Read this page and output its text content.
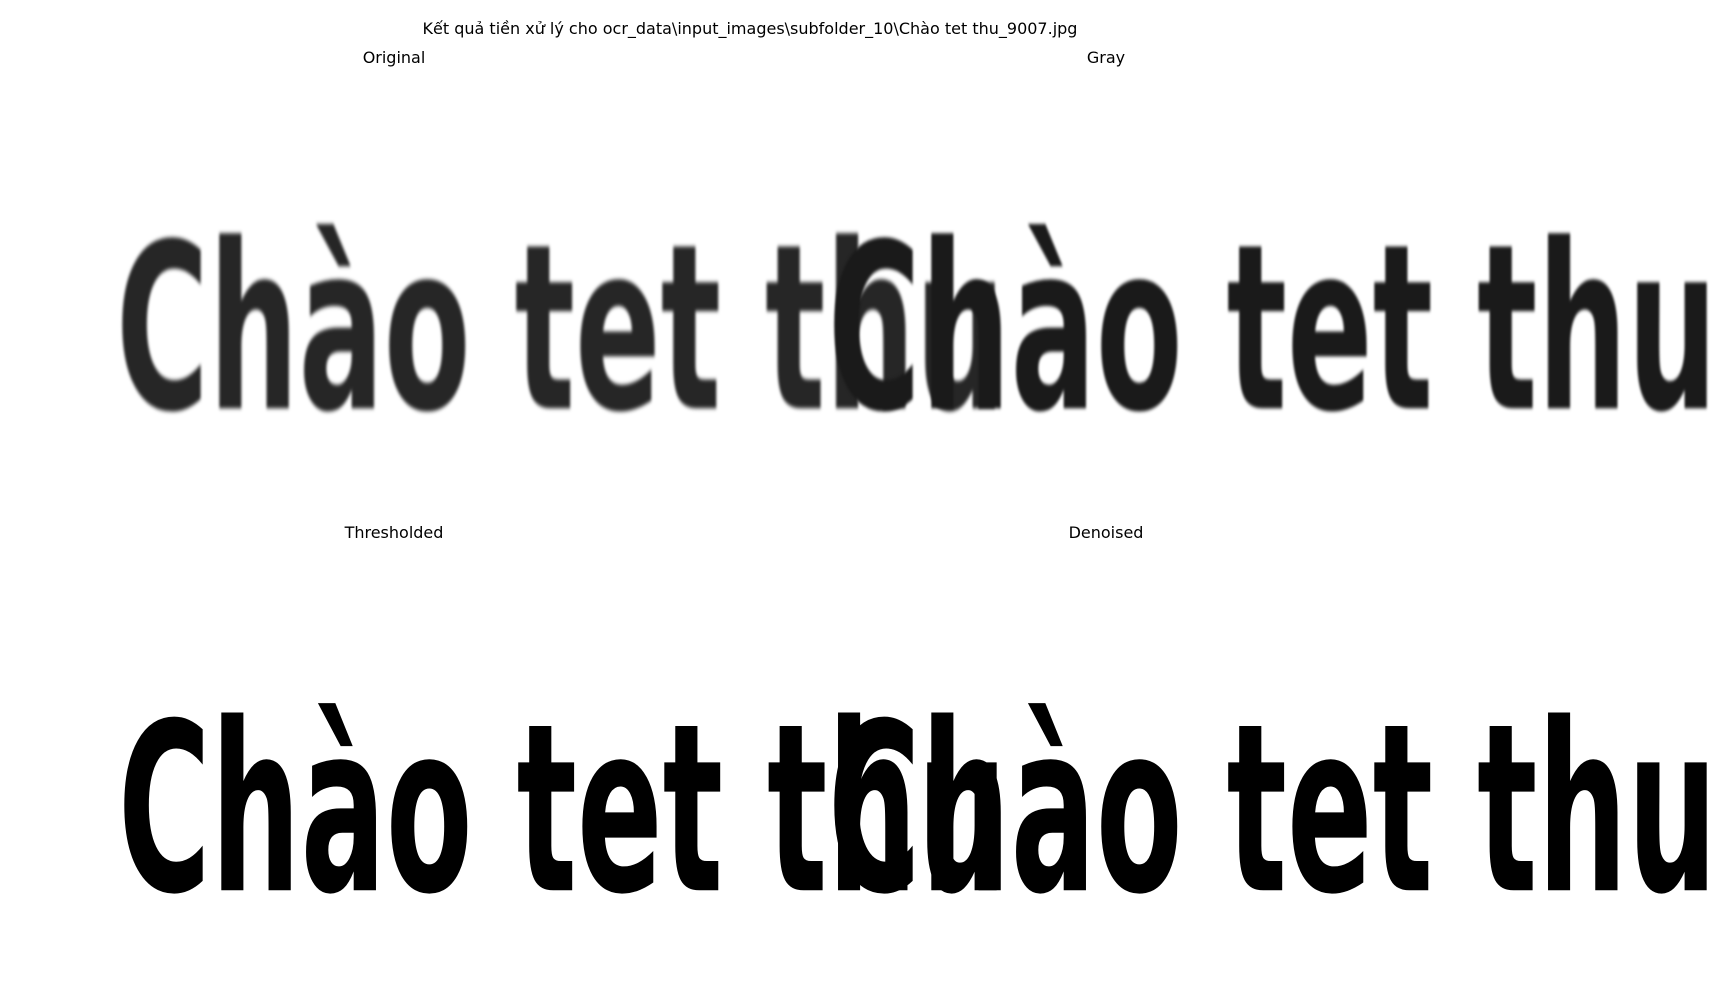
Kết quả tiền xử lý cho ocr_data\input_images\subfolder_10\Chào tet thu_9007.jpg
Original
Chào tet thu
Gray
Chào tet thu
Thresholded
Chào tet thu
Denoised
Chào tet thu
